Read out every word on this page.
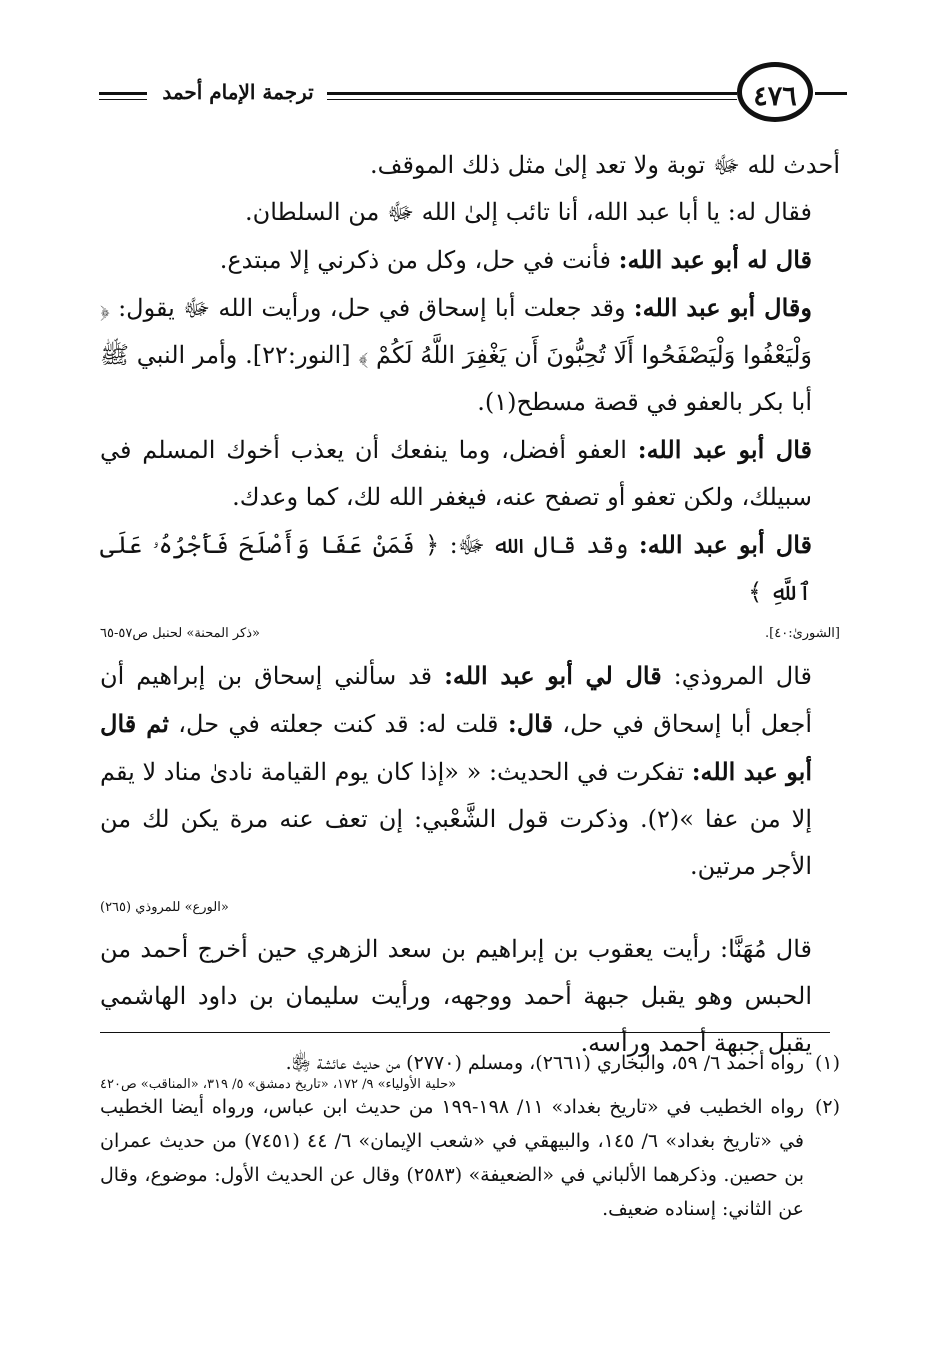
ترجمة الإمام أحمد	٤٧٦

أحدث لله ﷻ توبة ولا تعد إلىٰ مثل ذلك الموقف.

فقال له: يا أبا عبد الله، أنا تائب إلىٰ الله ﷻ من السلطان.

قال له أبو عبد الله: فأنت في حل، وكل من ذكرني إلا مبتدع.

وقال أبو عبد الله: وقد جعلت أبا إسحاق في حل، ورأيت الله ﷻ يقول: ﴿ وَلْيَعْفُوا وَلْيَصْفَحُوا أَلَا تُحِبُّونَ أَن يَغْفِرَ اللَّهُ لَكُمْ ﴾ [النور:٢٢]. وأمر النبي ﷺ أبا بكر بالعفو في قصة مسطح(١).

قال أبو عبد الله: العفو أفضل، وما ينفعك أن يعذب أخوك المسلم في سبيلك، ولكن تعفو أو تصفح عنه، فيغفر الله لك، كما وعدك.

قال أبو عبد الله: وقد قال الله ﷻ: ﴿ فَمَنْ عَفَا وَأَصْلَحَ فَأَجْرُهُۥ عَلَى ٱللَّهِ ﴾

[الشورىٰ:٤٠].
«ذكر المحنة» لحنبل ص٥٧-٦٥

قال المروذي: قال لي أبو عبد الله: قد سألني إسحاق بن إبراهيم أن أجعل أبا إسحاق في حل، قال: قلت له: قد كنت جعلته في حل، ثم قال أبو عبد الله: تفكرت في الحديث: « «إذا كان يوم القيامة نادىٰ مناد لا يقم إلا من عفا »(٢). وذكرت قول الشَّعْبي: إن تعف عنه مرة يكن لك من الأجر مرتين.

«الورع» للمروذي (٢٦٥)

قال مُهَنَّا: رأيت يعقوب بن إبراهيم بن سعد الزهري حين أخرج أحمد من الحبس وهو يقبل جبهة أحمد ووجهه، ورأيت سليمان بن داود الهاشمي يقبل جبهة أحمد ورأسه.

«حلية الأولياء» ٩/ ١٧٢، «تاريخ دمشق» ٥/ ٣١٩، «المناقب» ص٤٢٠

(١)
رواه أحمد ٦/ ٥٩، والبخاري (٢٦٦١)، ومسلم (٢٧٧٠) من حديث عائشة ﵂.

(٢)
رواه الخطيب في «تاريخ بغداد» ١١/ ١٩٨-١٩٩ من حديث ابن عباس، ورواه أيضا الخطيب في «تاريخ بغداد» ٦/ ١٤٥، والبيهقي في «شعب الإيمان» ٦/ ٤٤ (٧٤٥١) من حديث عمران بن حصين. وذكرهما الألباني في «الضعيفة» (٢٥٨٣) وقال عن الحديث الأول: موضوع، وقال عن الثاني: إسناده ضعيف.
